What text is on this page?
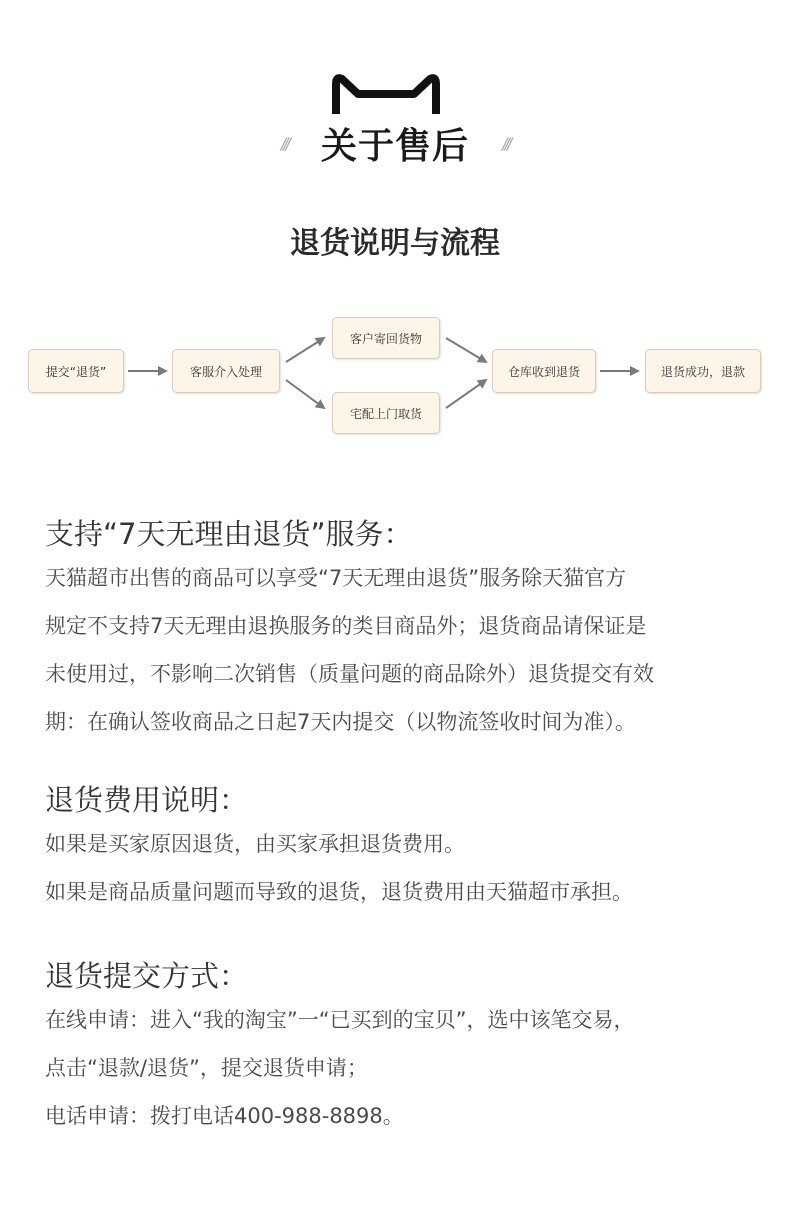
/// 关于售后 ///
退货说明与流程
提交“退货”	客服介入处理
客户寄回货物
宅配上门取货
仓库收到退货	退货成功，退款
支持“7天无理由退货”服务：

天猫超市出售的商品可以享受“7天无理由退货”服务除天猫官方

规定不支持7天无理由退换服务的类目商品外；退货商品请保证是

未使用过，不影响二次销售（质量问题的商品除外）退货提交有效

期：在确认签收商品之日起7天内提交（以物流签收时间为准）。

退货费用说明：

如果是买家原因退货，由买家承担退货费用。

如果是商品质量问题而导致的退货，退货费用由天猫超市承担。

退货提交方式：

在线申请：进入“我的淘宝”一“已买到的宝贝”，选中该笔交易，

点击“退款/退货”，提交退货申请；

电话申请：拨打电话400-988-8898。
